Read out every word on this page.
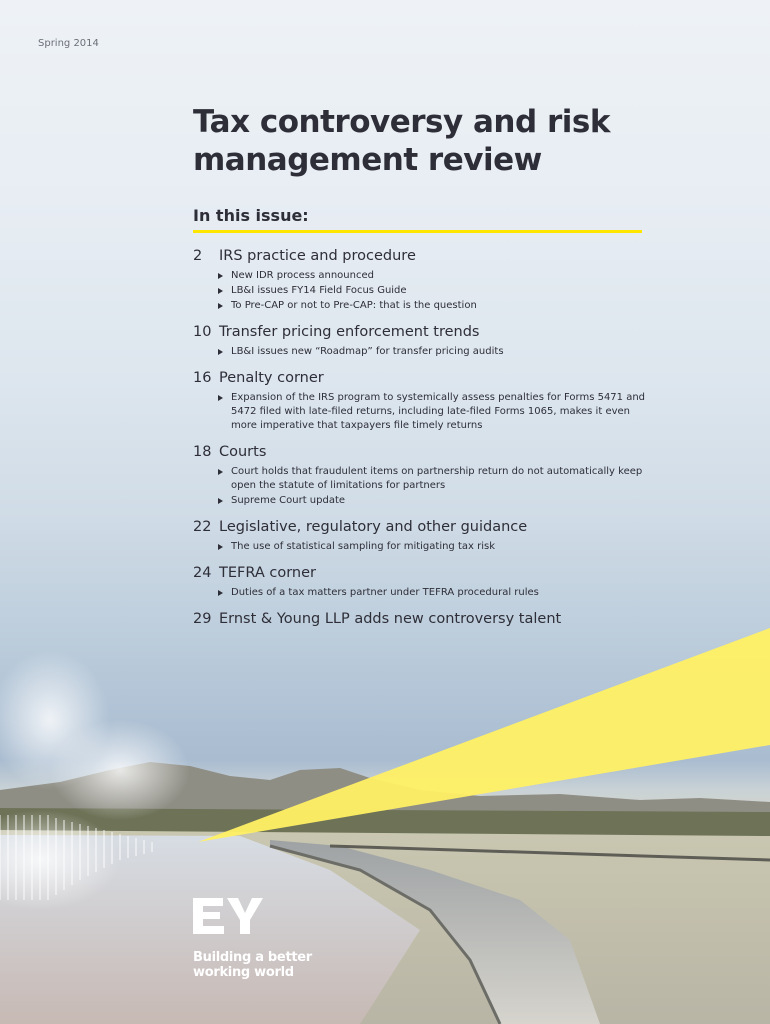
Spring 2014
Tax controversy and risk management review
In this issue:
2	IRS practice and procedure
New IDR process announced
LB&I issues FY14 Field Focus Guide
To Pre-CAP or not to Pre-CAP: that is the question
10 Transfer pricing enforcement trends
LB&I issues new “Roadmap” for transfer pricing audits
16 Penalty corner
Expansion of the IRS program to systemically assess penalties for Forms 5471 and 5472 filed with late-filed returns, including late-filed Forms 1065, makes it even more imperative that taxpayers file timely returns
18 Courts
Court holds that fraudulent items on partnership return do not automatically keep open the statute of limitations for partners
Supreme Court update
22 Legislative, regulatory and other guidance
The use of statistical sampling for mitigating tax risk
24 TEFRA corner
Duties of a tax matters partner under TEFRA procedural rules
29 Ernst & Young LLP adds new controversy talent
Building a better
working world
